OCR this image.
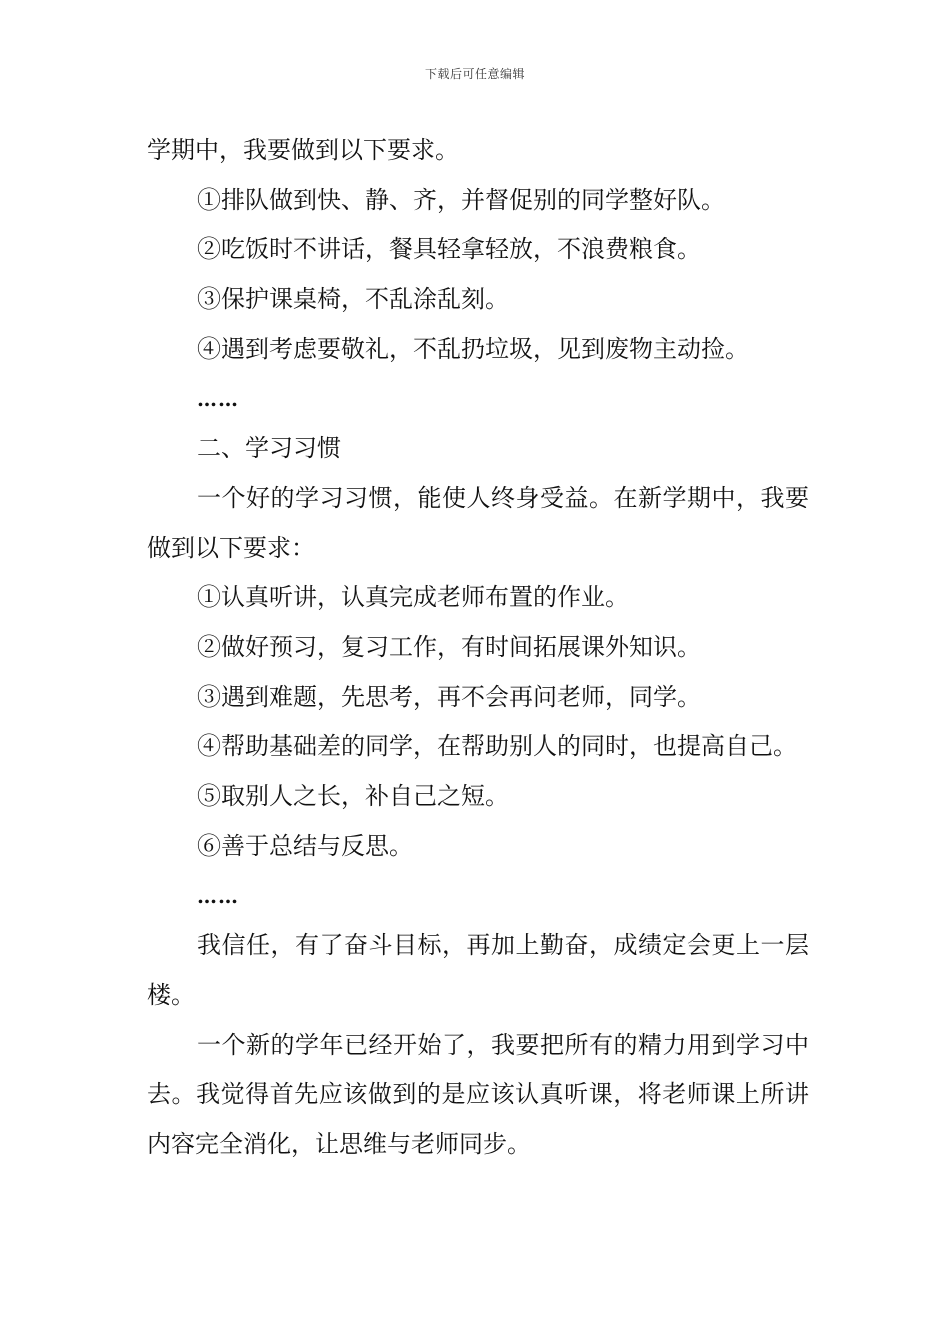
下载后可任意编辑

学期中，我要做到以下要求。

①排队做到快、静、齐，并督促别的同学整好队。

②吃饭时不讲话，餐具轻拿轻放，不浪费粮食。

③保护课桌椅，不乱涂乱刻。

④遇到考虑要敬礼，不乱扔垃圾，见到废物主动捡。

……

二、学习习惯

一个好的学习习惯，能使人终身受益。在新学期中，我要做到以下要求：

①认真听讲，认真完成老师布置的作业。

②做好预习，复习工作，有时间拓展课外知识。

③遇到难题，先思考，再不会再问老师，同学。

④帮助基础差的同学，在帮助别人的同时，也提高自己。

⑤取别人之长，补自己之短。

⑥善于总结与反思。

……

我信任，有了奋斗目标，再加上勤奋，成绩定会更上一层楼。

一个新的学年已经开始了，我要把所有的精力用到学习中去。我觉得首先应该做到的是应该认真听课，将老师课上所讲内容完全消化，让思维与老师同步。
